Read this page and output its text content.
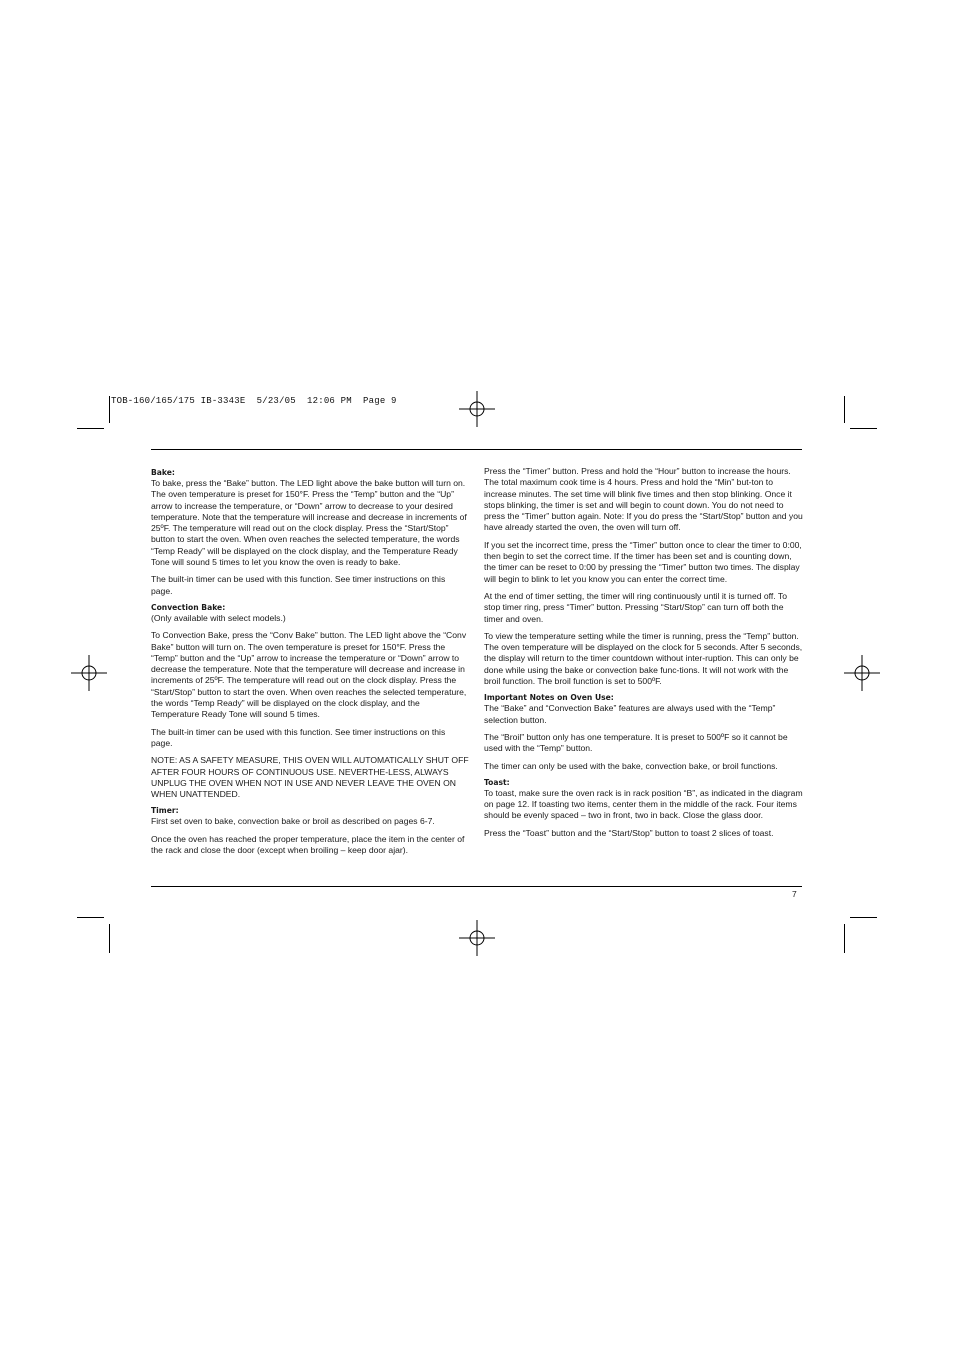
TOB-160/165/175 IB-3343E  5/23/05  12:06 PM  Page 9
Bake:

To bake, press the “Bake” button. The LED light above the bake button will turn on. The oven temperature is preset for 150°F. Press the “Temp” button and the “Up” arrow to increase the temperature, or “Down” arrow to decrease to your desired temperature. Note that the temperature will increase and decrease in increments of 25ºF. The temperature will read out on the clock display. Press the “Start/Stop” button to start the oven. When oven reaches the selected temperature, the words “Temp Ready” will be displayed on the clock display, and the Temperature Ready Tone will sound 5 times to let you know the oven is ready to bake.

The built-in timer can be used with this function. See timer instructions on this page.

Convection Bake:

(Only available with select models.)

To Convection Bake, press the “Conv Bake” button. The LED light above the “Conv Bake” button will turn on. The oven temperature is preset for 150°F. Press the “Temp” button and the “Up” arrow to increase the temperature or “Down” arrow to decrease the temperature. Note that the temperature will decrease and increase in increments of 25ºF. The temperature will read out on the clock display. Press the “Start/Stop” button to start the oven. When oven reaches the selected temperature, the words “Temp Ready” will be displayed on the clock display, and the Temperature Ready Tone will sound 5 times.

The built-in timer can be used with this function. See timer instructions on this page.

NOTE: AS A SAFETY MEASURE, THIS OVEN WILL AUTOMATICALLY SHUT OFF AFTER FOUR HOURS OF CONTINUOUS USE. NEVERTHE-LESS, ALWAYS UNPLUG THE OVEN WHEN NOT IN USE AND NEVER LEAVE THE OVEN ON WHEN UNATTENDED.

Timer:

First set oven to bake, convection bake or broil as described on pages 6-7.

Once the oven has reached the proper temperature, place the item in the center of the rack and close the door (except when broiling – keep door ajar).

Press the “Timer” button. Press and hold the “Hour” button to increase the hours. The total maximum cook time is 4 hours. Press and hold the “Min” but-ton to increase minutes. The set time will blink five times and then stop blinking. Once it stops blinking, the timer is set and will begin to count down. You do not need to press the “Timer” button again. Note: If you do press the “Start/Stop” button and you have already started the oven, the oven will turn off.

If you set the incorrect time, press the “Timer” button once to clear the timer to 0:00, then begin to set the correct time. If the timer has been set and is counting down, the timer can be reset to 0:00 by pressing the “Timer” button two times. The display will begin to blink to let you know you can enter the correct time.

At the end of timer setting, the timer will ring continuously until it is turned off. To stop timer ring, press “Timer” button. Pressing “Start/Stop” can turn off both the timer and oven.

To view the temperature setting while the timer is running, press the “Temp” button. The oven temperature will be displayed on the clock for 5 seconds. After 5 seconds, the display will return to the timer countdown without inter-ruption. This can only be done while using the bake or convection bake func-tions. It will not work with the broil function. The broil function is set to 500ºF.

Important Notes on Oven Use:

The “Bake” and “Convection Bake” features are always used with the “Temp” selection button.

The “Broil” button only has one temperature. It is preset to 500ºF so it cannot be used with the “Temp” button.

The timer can only be used with the bake, convection bake, or broil functions.

Toast:

To toast, make sure the oven rack is in rack position “B”, as indicated in the diagram on page 12. If toasting two items, center them in the middle of the rack. Four items should be evenly spaced – two in front, two in back. Close the glass door.

Press the “Toast” button and the “Start/Stop” button to toast 2 slices of toast.

7
